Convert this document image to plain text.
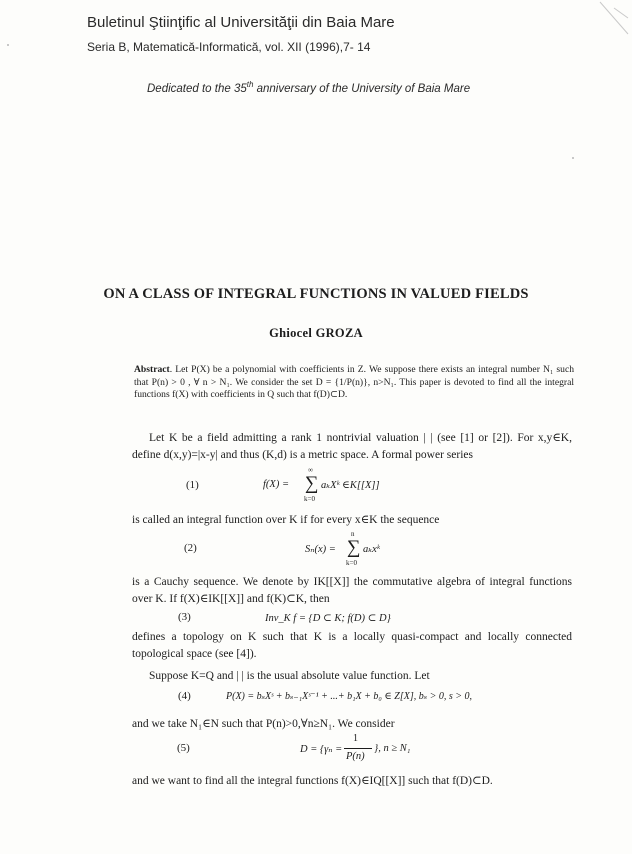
Buletinul Ştiinţific al Universităţii din Baia Mare
Seria B, Matematică-Informatică, vol. XII (1996),7- 14
Dedicated to the 35th anniversary of the University of Baia Mare
ON A CLASS OF INTEGRAL FUNCTIONS IN VALUED FIELDS
Ghiocel GROZA
Abstract. Let P(X) be a polynomial with coefficients in Z. We suppose there exists an integral number N₁ such that P(n) > 0 , ∀ n > N₁. We consider the set D = {1/P(n)}, n>N₁. This paper is devoted to find all the integral functions f(X) with coefficients in Q such that f(D)⊂D.
Let K be a field admitting a rank 1 nontrivial valuation | | (see [1] or [2]). For x,y∈K, define d(x,y)=|x-y| and thus (K,d) is a metric space. A formal power series
(1)	f(X) = ∑
∞
k=0
aₖXᵏ ∈K[[X]]
is called an integral function over K if for every x∈K the sequence
(2)	Sₙ(x) = ∑
n
k=0
aₖxᵏ
is a Cauchy sequence. We denote by IK[[X]] the commutative algebra of integral functions over K. If f(X)∈IK[[X]] and f(K)⊂K, then
(3)	Inv_K f = {D ⊂ K; f(D) ⊂ D}
defines a topology on K such that K is a locally quasi-compact and locally connected topological space (see [4]).
Suppose K=Q and | | is the usual absolute value function. Let
(4)	P(X) = bₛXˢ + bₛ₋₁Xˢ⁻¹ + ...+ b₁X + b₀ ∈ Z[X], bₛ > 0, s > 0,
and we take N₁∈N such that P(n)>0,∀n≥N₁. We consider
(5)	D = {γₙ =
1
P(n)
}, n ≥ N₁
and we want to find all the integral functions f(X)∈IQ[[X]] such that f(D)⊂D.
